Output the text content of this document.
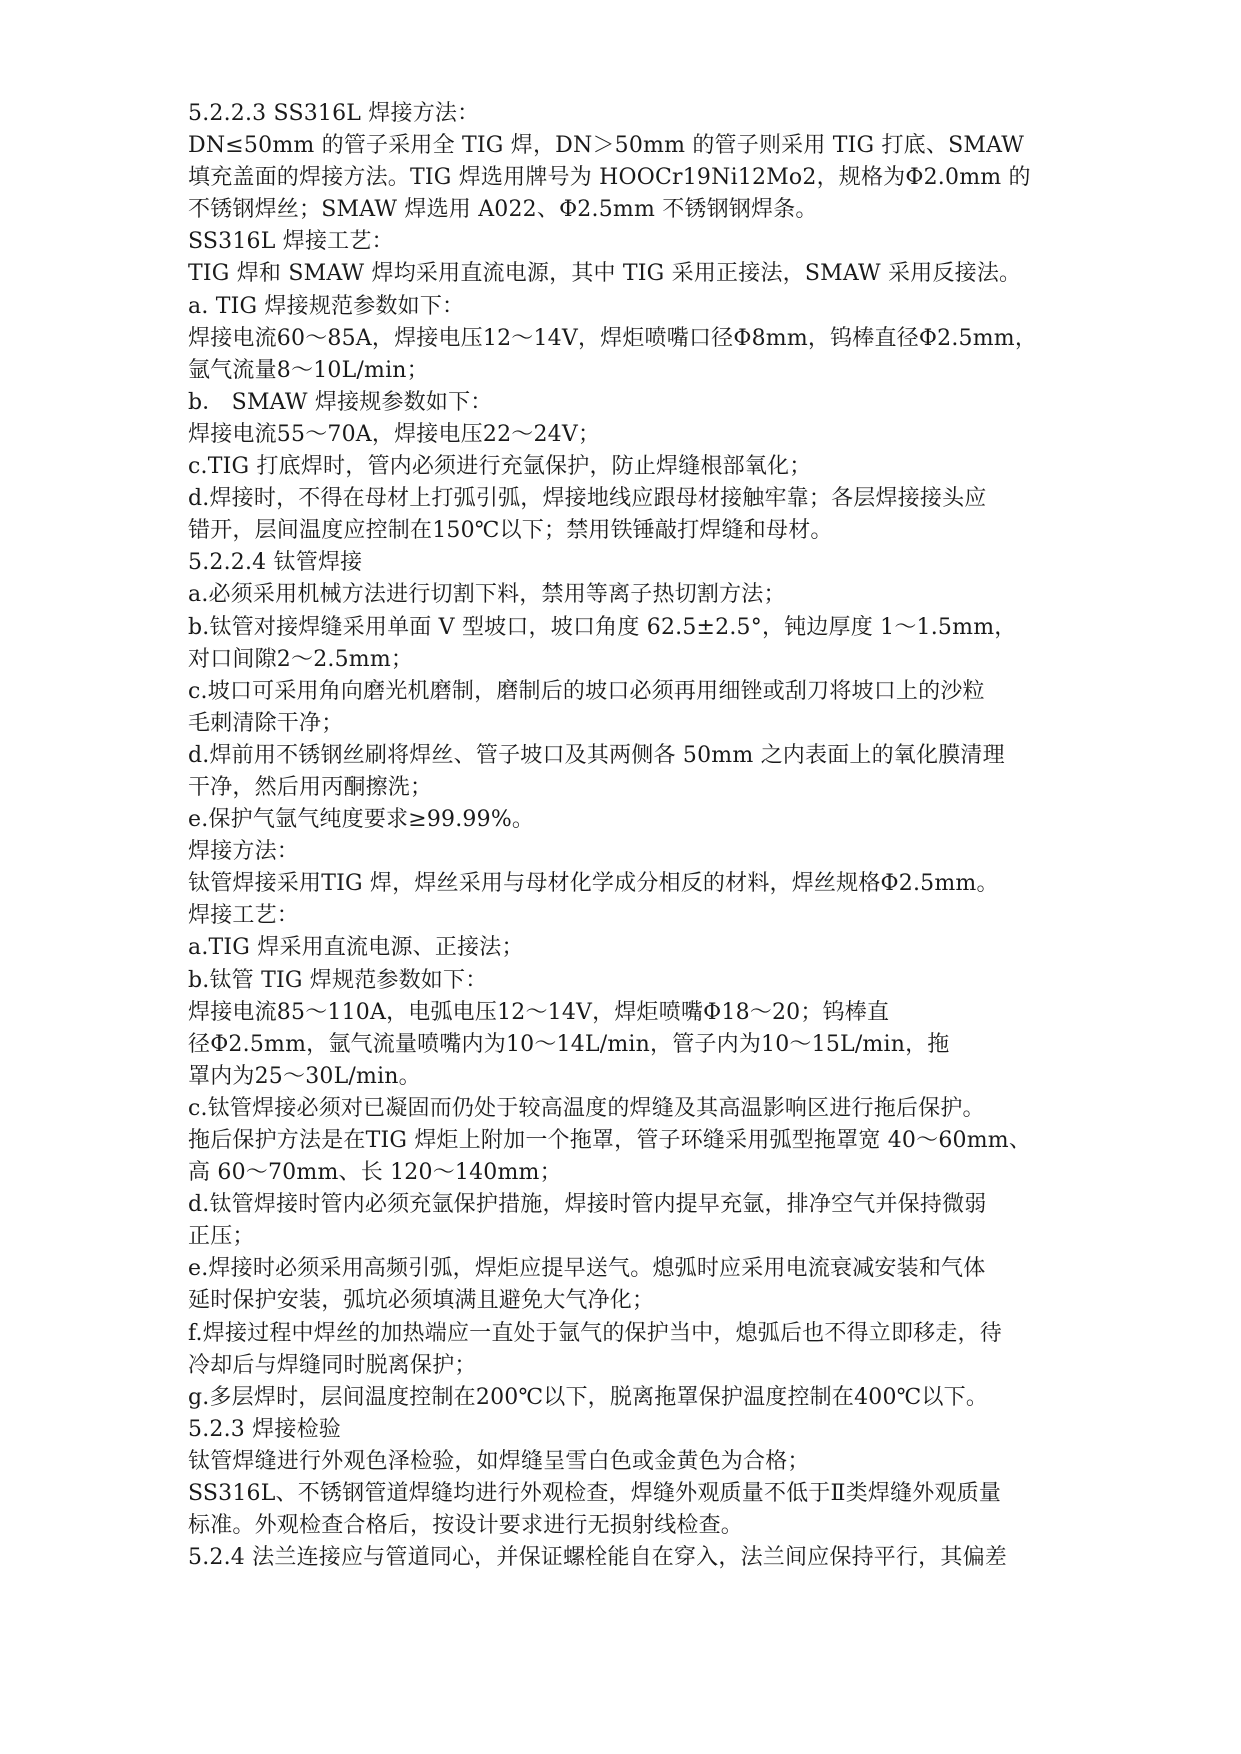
5.2.2.3 SS316L 焊接方法：
DN≤50mm 的管子采用全 TIG 焊，DN＞50mm 的管子则采用 TIG 打底、SMAW
填充盖面的焊接方法。TIG 焊选用牌号为 HOOCr19Ni12Mo2，规格为Φ2.0mm 的
不锈钢焊丝；SMAW 焊选用 A022、Φ2.5mm 不锈钢钢焊条。
SS316L 焊接工艺：
TIG 焊和 SMAW 焊均采用直流电源，其中 TIG 采用正接法，SMAW 采用反接法。
a. TIG 焊接规范参数如下：
焊接电流60～85A，焊接电压12～14V，焊炬喷嘴口径Φ8mm，钨棒直径Φ2.5mm，
氩气流量8～10L/min；
b． SMAW 焊接规参数如下：
焊接电流55～70A，焊接电压22～24V；
c.TIG 打底焊时，管内必须进行充氩保护，防止焊缝根部氧化；
d.焊接时，不得在母材上打弧引弧，焊接地线应跟母材接触牢靠；各层焊接接头应
错开，层间温度应控制在150℃以下；禁用铁锤敲打焊缝和母材。
5.2.2.4 钛管焊接
a.必须采用机械方法进行切割下料，禁用等离子热切割方法；
b.钛管对接焊缝采用单面 V 型坡口，坡口角度 62.5±2.5°，钝边厚度 1～1.5mm，
对口间隙2～2.5mm；
c.坡口可采用角向磨光机磨制，磨制后的坡口必须再用细锉或刮刀将坡口上的沙粒
毛刺清除干净；
d.焊前用不锈钢丝刷将焊丝、管子坡口及其两侧各 50mm 之内表面上的氧化膜清理
干净，然后用丙酮擦洗；
e.保护气氩气纯度要求≥99.99%。
焊接方法：
钛管焊接采用TIG 焊，焊丝采用与母材化学成分相反的材料，焊丝规格Φ2.5mm。
焊接工艺：
a.TIG 焊采用直流电源、正接法；
b.钛管 TIG 焊规范参数如下：
焊接电流85～110A，电弧电压12～14V，焊炬喷嘴Φ18～20；钨棒直
径Φ2.5mm，氩气流量喷嘴内为10～14L/min，管子内为10～15L/min，拖
罩内为25～30L/min。
c.钛管焊接必须对已凝固而仍处于较高温度的焊缝及其高温影响区进行拖后保护。
拖后保护方法是在TIG 焊炬上附加一个拖罩，管子环缝采用弧型拖罩宽 40～60mm、
高 60～70mm、长 120～140mm；
d.钛管焊接时管内必须充氩保护措施，焊接时管内提早充氩，排净空气并保持微弱
正压；
e.焊接时必须采用高频引弧，焊炬应提早送气。熄弧时应采用电流衰减安装和气体
延时保护安装，弧坑必须填满且避免大气净化；
f.焊接过程中焊丝的加热端应一直处于氩气的保护当中，熄弧后也不得立即移走，待
冷却后与焊缝同时脱离保护；
g.多层焊时，层间温度控制在200℃以下，脱离拖罩保护温度控制在400℃以下。
5.2.3 焊接检验
钛管焊缝进行外观色泽检验，如焊缝呈雪白色或金黄色为合格；
SS316L、不锈钢管道焊缝均进行外观检查，焊缝外观质量不低于Ⅱ类焊缝外观质量
标准。外观检查合格后，按设计要求进行无损射线检查。
5.2.4 法兰连接应与管道同心，并保证螺栓能自在穿入，法兰间应保持平行，其偏差
